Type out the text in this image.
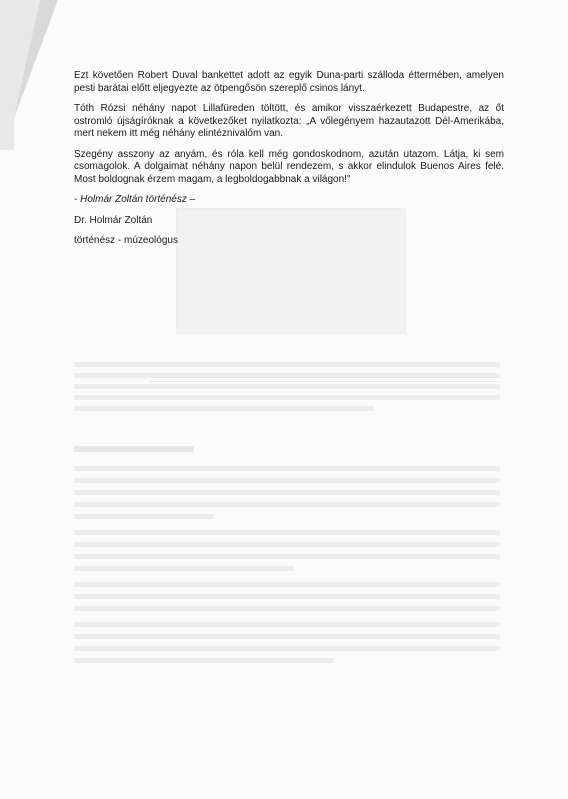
Ezt követően Robert Duval bankettet adott az egyik Duna-parti szálloda éttermében, amelyen pesti barátai előtt eljegyezte az ötpengősön szereplő csinos lányt.

Tóth Rózsi néhány napot Lillafüreden töltött, és amikor visszaérkezett Budapestre, az őt ostromló újságíróknak a következőket nyilatkozta: „A vőlegényem hazautazott Dél-Amerikába, mert nekem itt még néhány elintéznivalóm van.

Szegény asszony az anyám, és róla kell még gondoskodnom, azután utazom. Látja, ki sem csomagolok. A dolgaimat néhány napon belül rendezem, s akkor elindulok Buenos Aires felé. Most boldognak érzem magam, a legboldogabbnak a világon!"

- Holmár Zoltán történész –

Dr. Holmár Zoltán

történész - múzeológus
